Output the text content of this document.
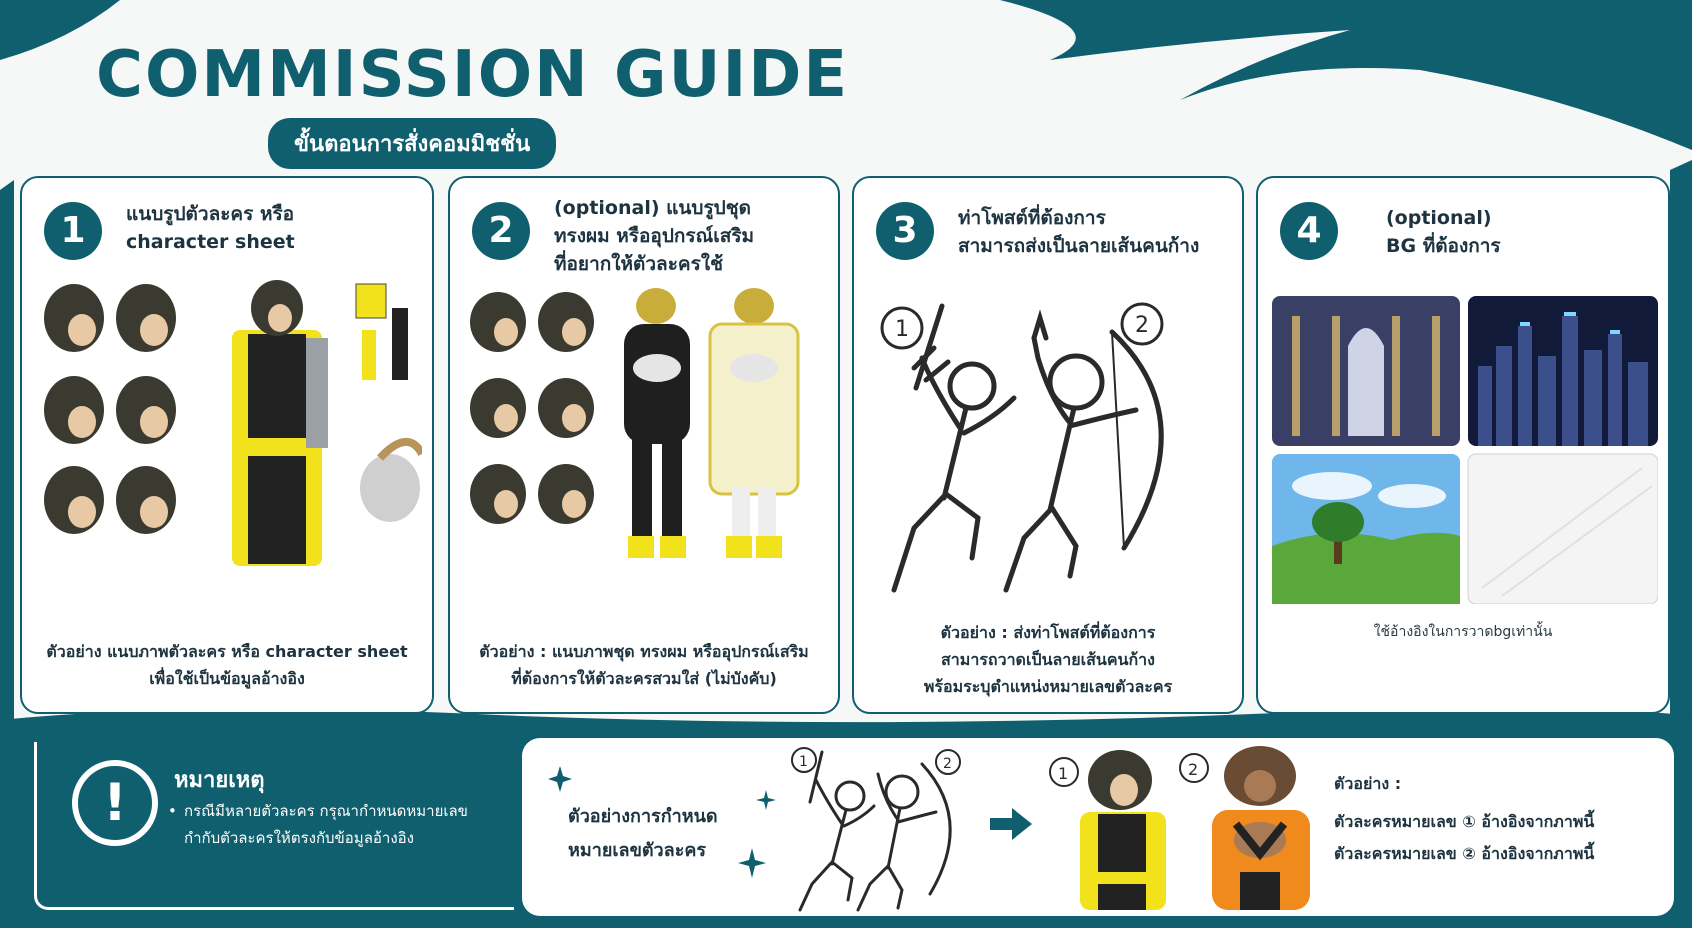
COMMISSION GUIDE
ขั้นตอนการสั่งคอมมิชชั่น
1	แนบรูปตัวละคร หรือ
character sheet
ตัวอย่าง แนบภาพตัวละคร หรือ character sheet
เพื่อใช้เป็นข้อมูลอ้างอิง
2
(optional) แนบรูปชุด
ทรงผม หรืออุปกรณ์เสริม
ที่อยากให้ตัวละครใช้
ตัวอย่าง : แนบภาพชุด ทรงผม หรืออุปกรณ์เสริม
ที่ต้องการให้ตัวละครสวมใส่ (ไม่บังคับ)
3	ท่าโพสต์ที่ต้องการ
สามารถส่งเป็นลายเส้นคนก้าง
1	2
ตัวอย่าง : ส่งท่าโพสต์ที่ต้องการ
สามารถวาดเป็นลายเส้นคนก้าง
พร้อมระบุตำแหน่งหมายเลขตัวละคร
4	(optional)
BG ที่ต้องการ
ใช้อ้างอิงในการวาดbgเท่านั้น
!	หมายเหตุ
• กรณีมีหลายตัวละคร กรุณากำหนดหมายเลข
กำกับตัวละครให้ตรงกับข้อมูลอ้างอิง
ตัวอย่างการกำหนด
หมายเลขตัวละคร
1	2	1	2
ตัวอย่าง :
ตัวละครหมายเลข ① อ้างอิงจากภาพนี้
ตัวละครหมายเลข ② อ้างอิงจากภาพนี้
